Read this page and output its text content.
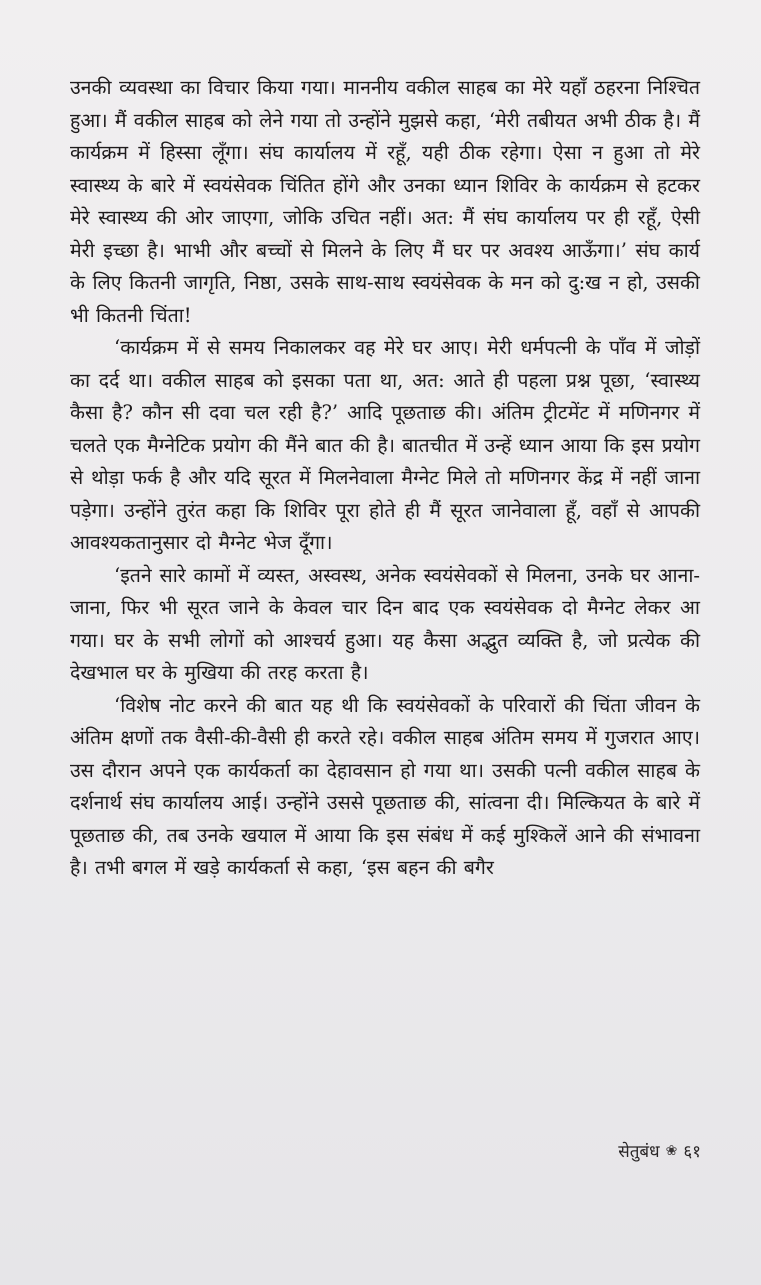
उनकी व्यवस्था का विचार किया गया। माननीय वकील साहब का मेरे यहाँ ठहरना निश्चित हुआ। मैं वकील साहब को लेने गया तो उन्होंने मुझसे कहा, ‘मेरी तबीयत अभी ठीक है। मैं कार्यक्रम में हिस्सा लूँगा। संघ कार्यालय में रहूँ, यही ठीक रहेगा। ऐसा न हुआ तो मेरे स्वास्थ्य के बारे में स्वयंसेवक चिंतित होंगे और उनका ध्यान शिविर के कार्यक्रम से हटकर मेरे स्वास्थ्य की ओर जाएगा, जोकि उचित नहीं। अत: मैं संघ कार्यालय पर ही रहूँ, ऐसी मेरी इच्छा है। भाभी और बच्चों से मिलने के लिए मैं घर पर अवश्य आऊँगा।’ संघ कार्य के लिए कितनी जागृति, निष्ठा, उसके साथ-साथ स्वयंसेवक के मन को दु:ख न हो, उसकी भी कितनी चिंता!

‘कार्यक्रम में से समय निकालकर वह मेरे घर आए। मेरी धर्मपत्नी के पाँव में जोड़ों का दर्द था। वकील साहब को इसका पता था, अत: आते ही पहला प्रश्न पूछा, ‘स्वास्थ्य कैसा है? कौन सी दवा चल रही है?’ आदि पूछताछ की। अंतिम ट्रीटमेंट में मणिनगर में चलते एक मैग्नेटिक प्रयोग की मैंने बात की है। बातचीत में उन्हें ध्यान आया कि इस प्रयोग से थोड़ा फर्क है और यदि सूरत में मिलनेवाला मैग्नेट मिले तो मणिनगर केंद्र में नहीं जाना पड़ेगा। उन्होंने तुरंत कहा कि शिविर पूरा होते ही मैं सूरत जानेवाला हूँ, वहाँ से आपकी आवश्यकतानुसार दो मैग्नेट भेज दूँगा।

‘इतने सारे कामों में व्यस्त, अस्वस्थ, अनेक स्वयंसेवकों से मिलना, उनके घर आना-जाना, फिर भी सूरत जाने के केवल चार दिन बाद एक स्वयंसेवक दो मैग्नेट लेकर आ गया। घर के सभी लोगों को आश्चर्य हुआ। यह कैसा अद्भुत व्यक्ति है, जो प्रत्येक की देखभाल घर के मुखिया की तरह करता है।

‘विशेष नोट करने की बात यह थी कि स्वयंसेवकों के परिवारों की चिंता जीवन के अंतिम क्षणों तक वैसी-की-वैसी ही करते रहे। वकील साहब अंतिम समय में गुजरात आए। उस दौरान अपने एक कार्यकर्ता का देहावसान हो गया था। उसकी पत्नी वकील साहब के दर्शनार्थ संघ कार्यालय आई। उन्होंने उससे पूछताछ की, सांत्वना दी। मिल्कियत के बारे में पूछताछ की, तब उनके खयाल में आया कि इस संबंध में कई मुश्किलें आने की संभावना है। तभी बगल में खड़े कार्यकर्ता से कहा, ‘इस बहन की बगैर

सेतुबंध ❀ ६१
